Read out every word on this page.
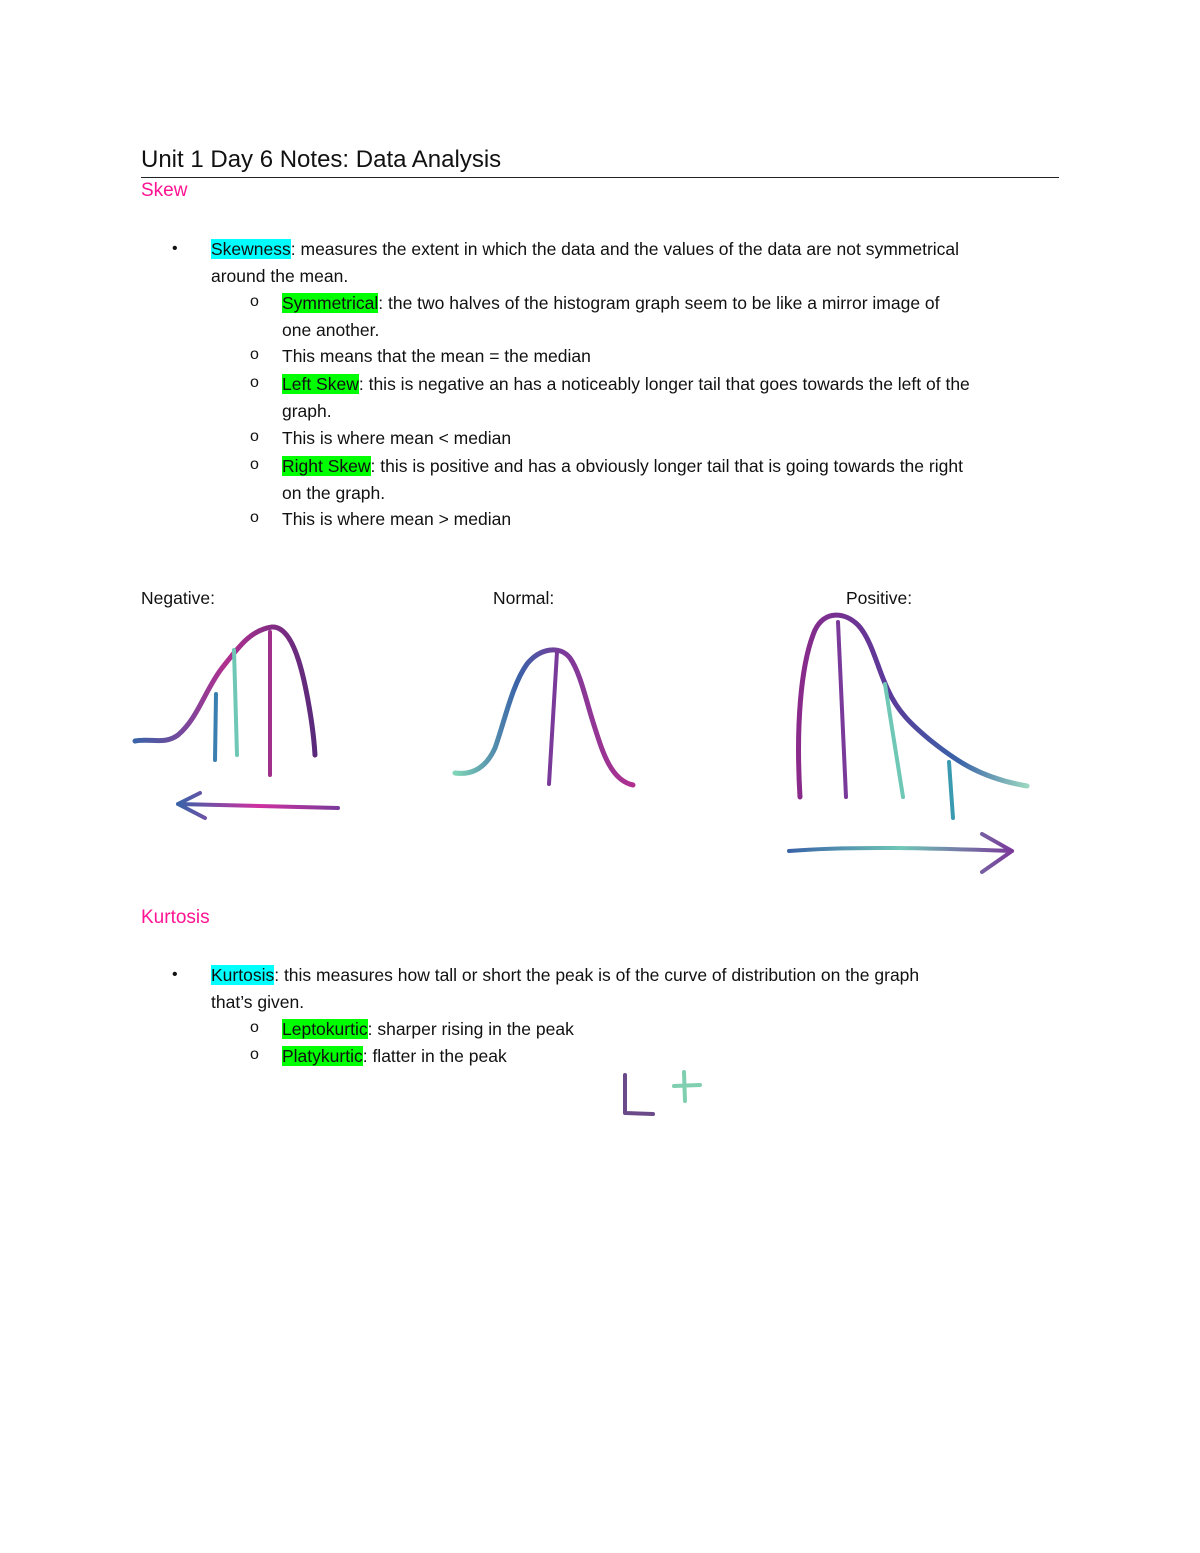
Unit 1 Day 6 Notes: Data Analysis
Skew
• Skewness: measures the extent in which the data and the values of the data are not symmetrical
around the mean.
o Symmetrical: the two halves of the histogram graph seem to be like a mirror image of
one another.
o This means that the mean = the median
o Left Skew: this is negative an has a noticeably longer tail that goes towards the left of the
graph.
o This is where mean < median
o Right Skew: this is positive and has a obviously longer tail that is going towards the right
on the graph.
o This is where mean > median
Negative:	Normal:	Positive:
Kurtosis
• Kurtosis: this measures how tall or short the peak is of the curve of distribution on the graph
that’s given.
o Leptokurtic: sharper rising in the peak
o Platykurtic: flatter in the peak
